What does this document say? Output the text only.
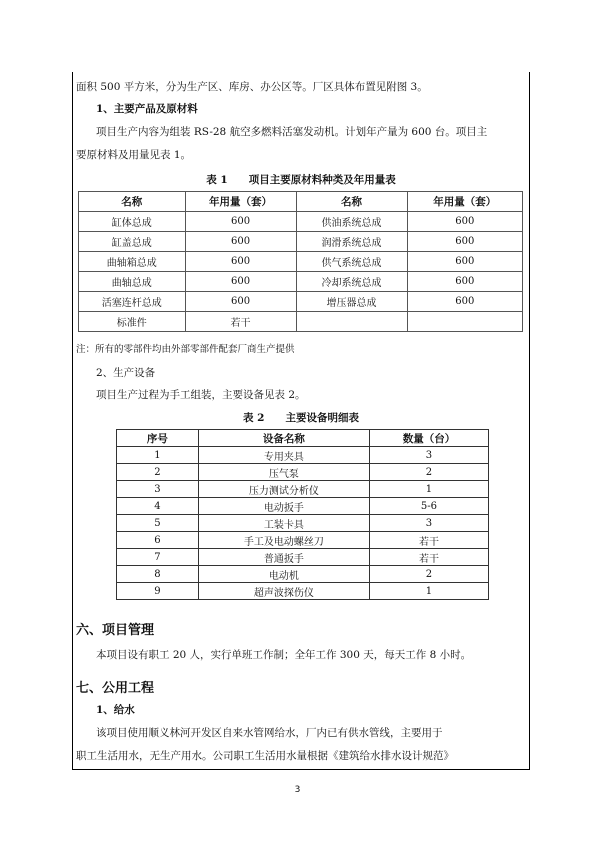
面积 500 平方米，分为生产区、库房、办公区等。厂区具体布置见附图 3。
1、主要产品及原材料
项目生产内容为组装 RS-28 航空多燃料活塞发动机。计划年产量为 600 台。项目主
要原材料及用量见表 1。
表 1　　项目主要原材料种类及年用量表
名称	年用量（套）	名称	年用量（套）
缸体总成	600	供油系统总成	600
缸盖总成	600	润滑系统总成	600
曲轴箱总成	600	供气系统总成	600
曲轴总成	600	冷却系统总成	600
活塞连杆总成	600	增压器总成	600
标准件	若干		
注：所有的零部件均由外部零部件配套厂商生产提供
2、生产设备
项目生产过程为手工组装，主要设备见表 2。
表 2　　主要设备明细表
序号	设备名称	数量（台）
1	专用夹具	3
2	压气泵	2
3	压力测试分析仪	1
4	电动扳手	5-6
5	工装卡具	3
6	手工及电动螺丝刀	若干
7	普通扳手	若干
8	电动机	2
9	超声波探伤仪	1
六、项目管理
本项目设有职工 20 人，实行单班工作制；全年工作 300 天，每天工作 8 小时。
七、公用工程
1、给水
该项目使用顺义林河开发区自来水管网给水，厂内已有供水管线，主要用于
职工生活用水，无生产用水。公司职工生活用水量根据《建筑给水排水设计规范》
3
